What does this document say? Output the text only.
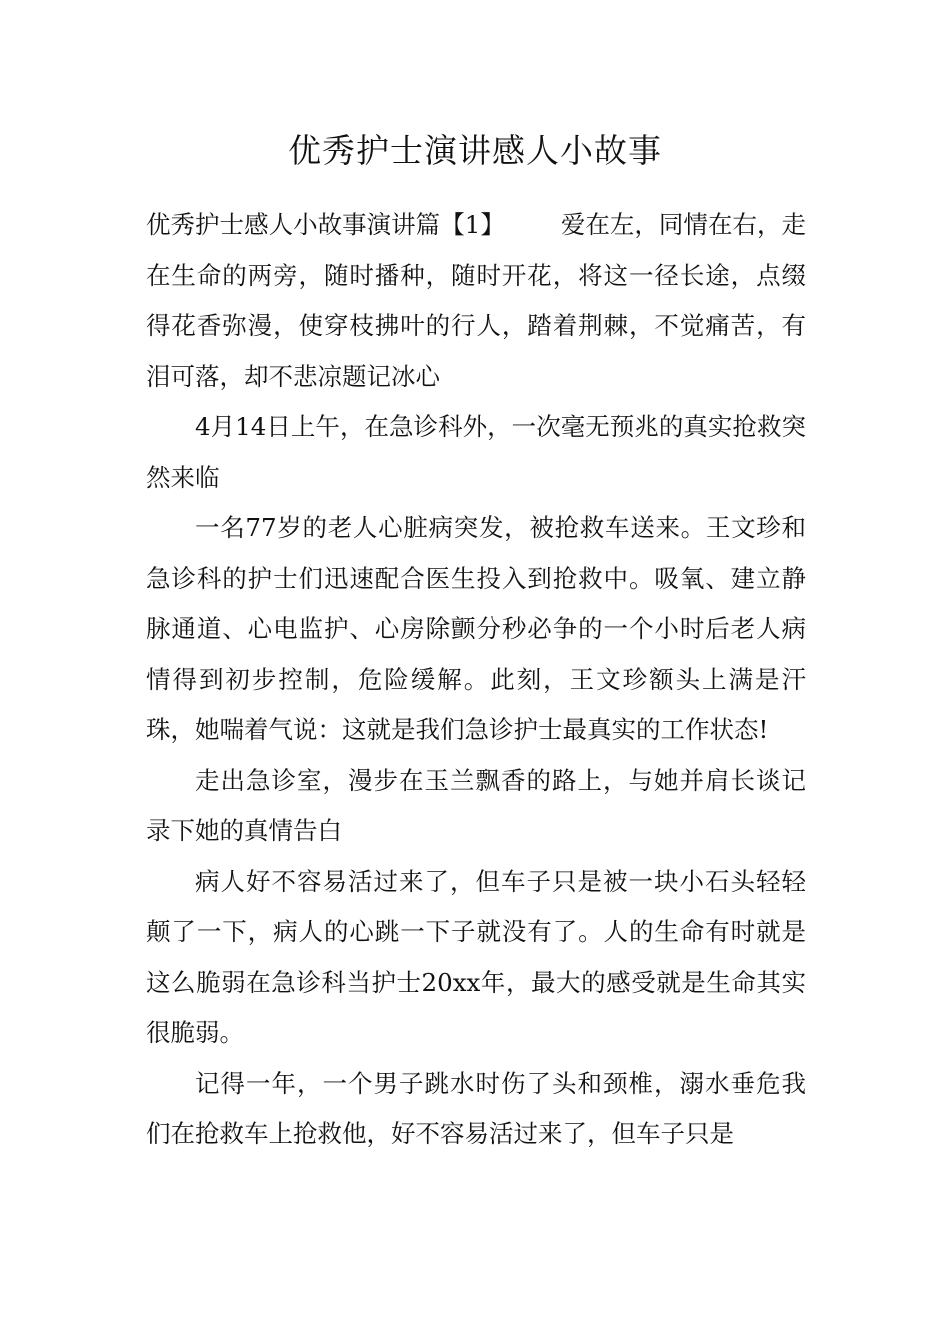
优秀护士演讲感人小故事

优秀护士感人小故事演讲篇【1】 爱在左，同情在右，走在生命的两旁，随时播种，随时开花，将这一径长途，点缀得花香弥漫，使穿枝拂叶的行人，踏着荆棘，不觉痛苦，有泪可落，却不悲凉题记冰心

4月14日上午，在急诊科外，一次毫无预兆的真实抢救突然来临

一名77岁的老人心脏病突发，被抢救车送来。王文珍和急诊科的护士们迅速配合医生投入到抢救中。吸氧、建立静脉通道、心电监护、心房除颤分秒必争的一个小时后老人病情得到初步控制，危险缓解。此刻，王文珍额头上满是汗珠，她喘着气说：这就是我们急诊护士最真实的工作状态!

走出急诊室，漫步在玉兰飘香的路上，与她并肩长谈记录下她的真情告白

病人好不容易活过来了，但车子只是被一块小石头轻轻颠了一下，病人的心跳一下子就没有了。人的生命有时就是这么脆弱在急诊科当护士20xx年，最大的感受就是生命其实很脆弱。

记得一年，一个男子跳水时伤了头和颈椎，溺水垂危我们在抢救车上抢救他，好不容易活过来了，但车子只是
